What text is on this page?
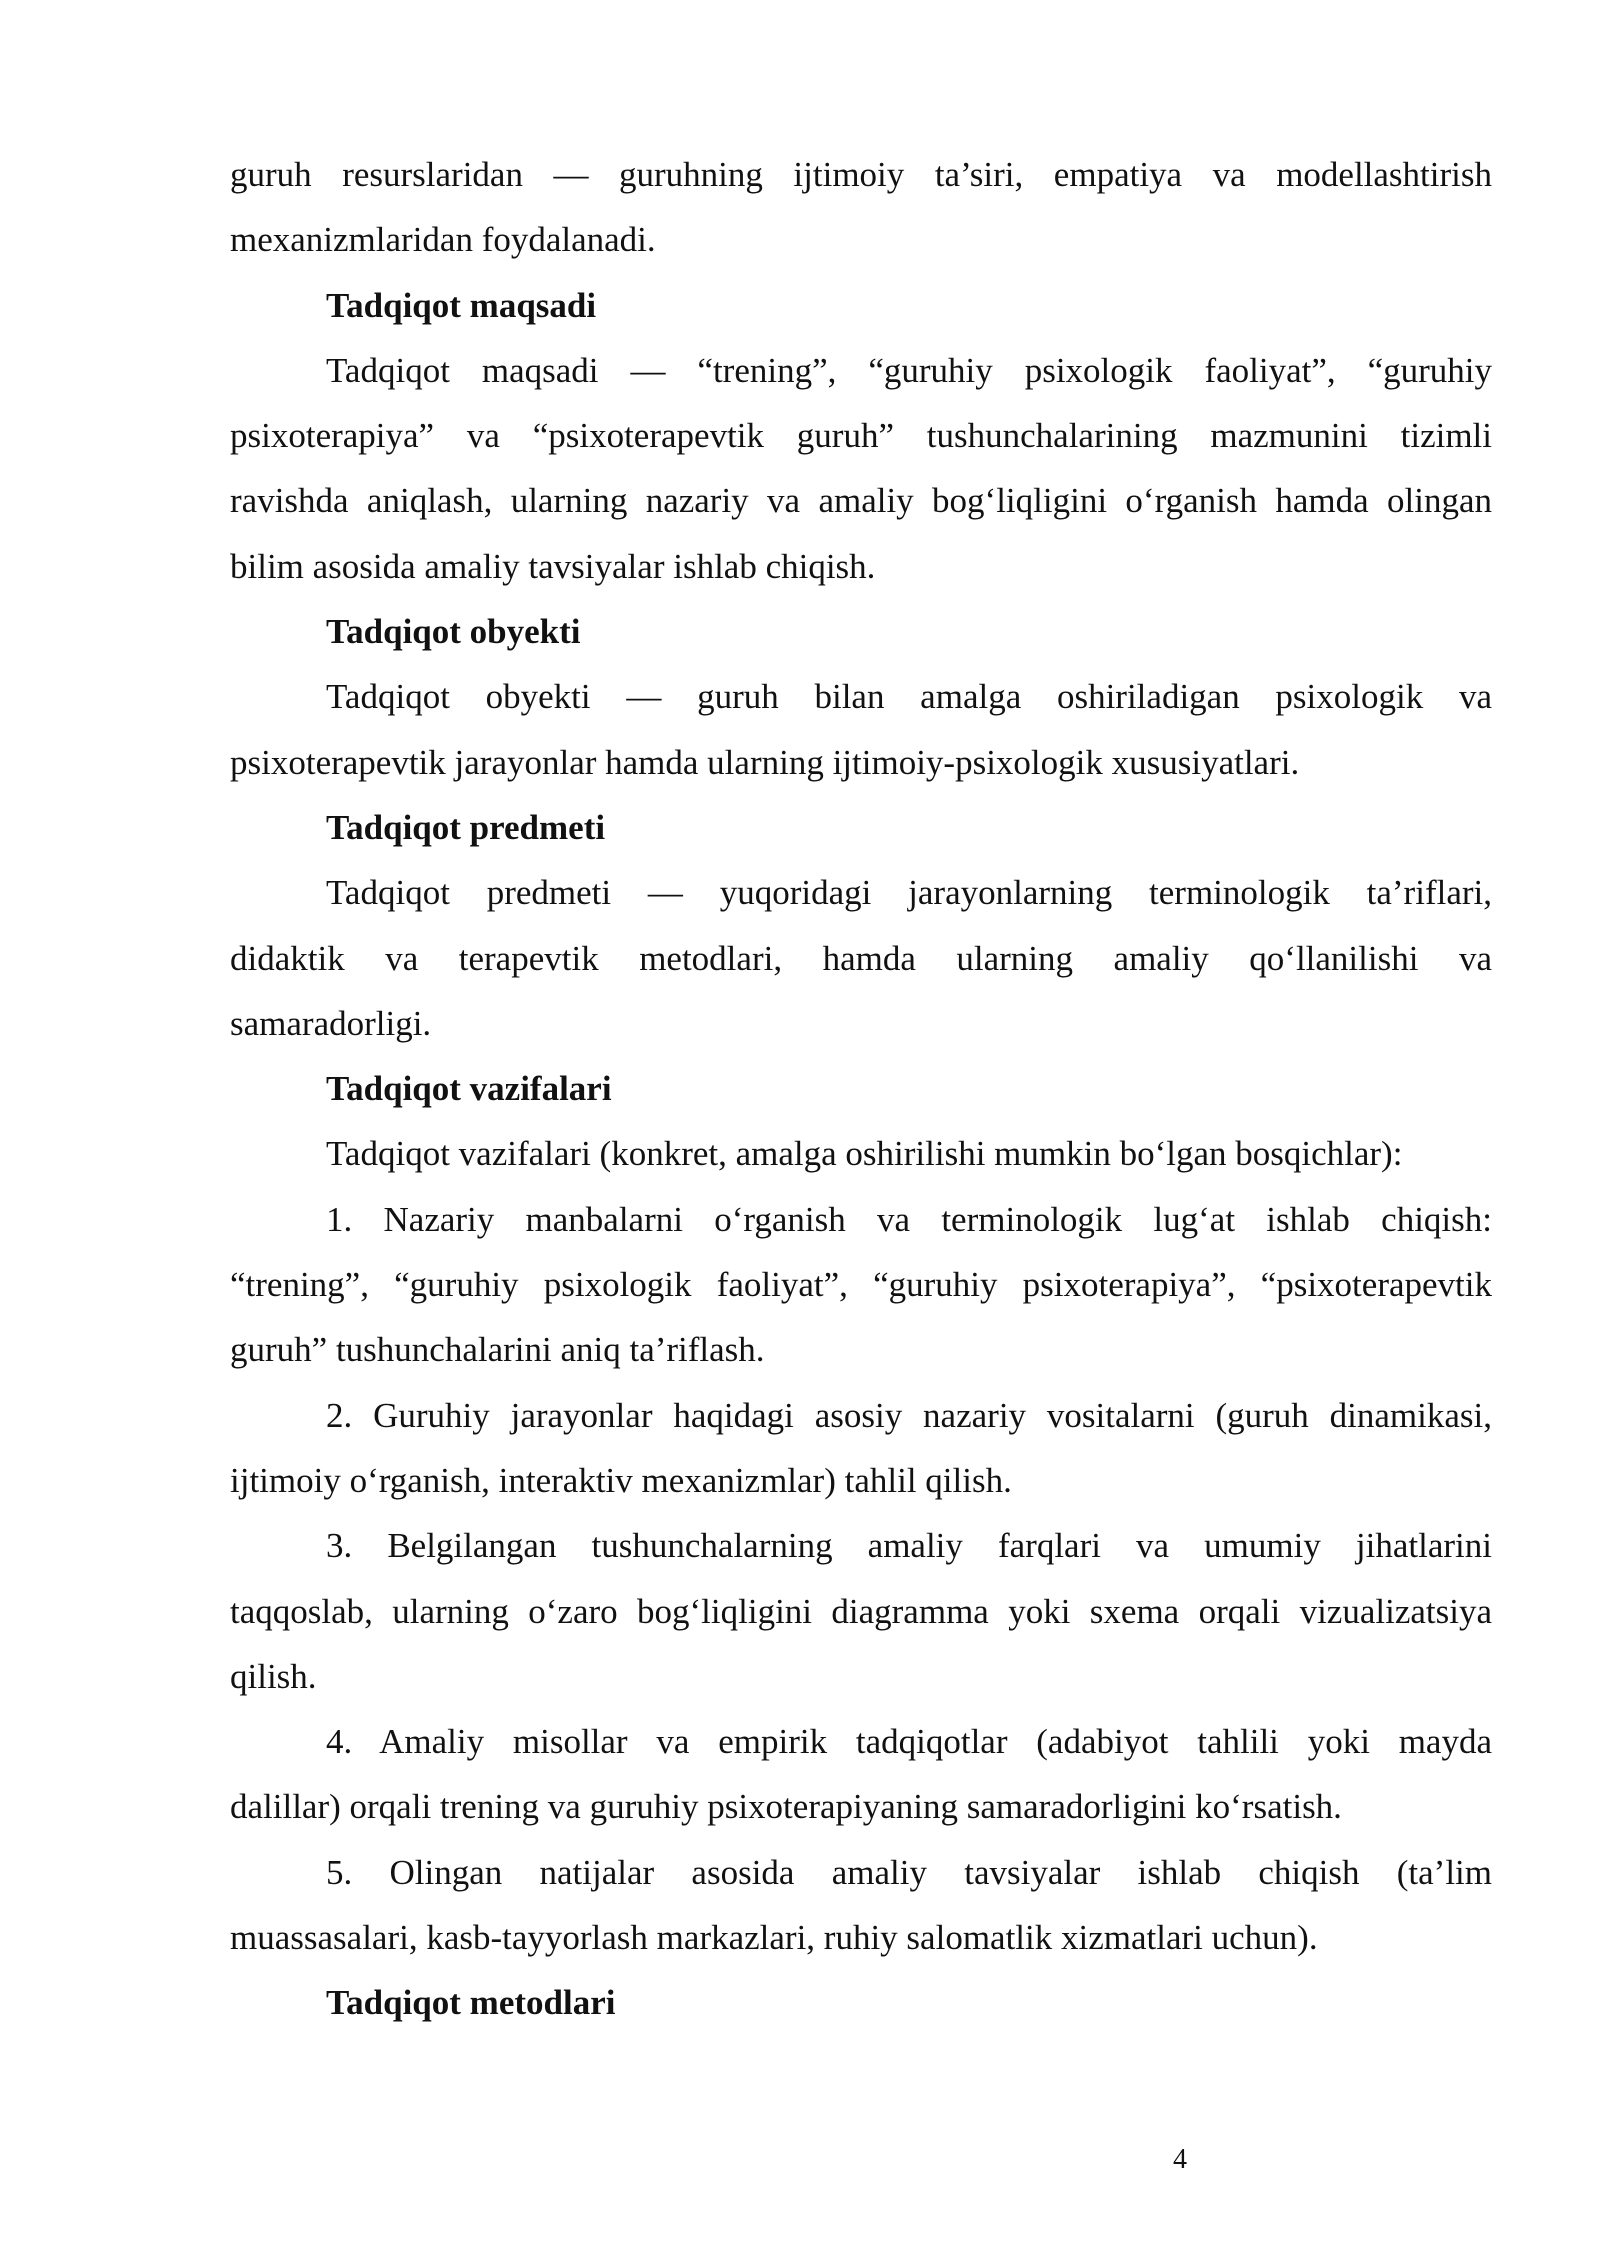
guruh resurslaridan — guruhning ijtimoiy ta’siri, empatiya va modellashtirish
mexanizmlaridan foydalanadi.
Tadqiqot maqsadi
Tadqiqot maqsadi — “trening”, “guruhiy psixologik faoliyat”, “guruhiy
psixoterapiya” va “psixoterapevtik guruh” tushunchalarining mazmunini tizimli
ravishda aniqlash, ularning nazariy va amaliy bog‘liqligini o‘rganish hamda olingan
bilim asosida amaliy tavsiyalar ishlab chiqish.
Tadqiqot obyekti
Tadqiqot obyekti — guruh bilan amalga oshiriladigan psixologik va
psixoterapevtik jarayonlar hamda ularning ijtimoiy-psixologik xususiyatlari.
Tadqiqot predmeti
Tadqiqot predmeti — yuqoridagi jarayonlarning terminologik ta’riflari,
didaktik va terapevtik metodlari, hamda ularning amaliy qo‘llanilishi va
samaradorligi.
Tadqiqot vazifalari
Tadqiqot vazifalari (konkret, amalga oshirilishi mumkin bo‘lgan bosqichlar):
1. Nazariy manbalarni o‘rganish va terminologik lug‘at ishlab chiqish:
“trening”, “guruhiy psixologik faoliyat”, “guruhiy psixoterapiya”, “psixoterapevtik
guruh” tushunchalarini aniq ta’riflash.
2. Guruhiy jarayonlar haqidagi asosiy nazariy vositalarni (guruh dinamikasi,
ijtimoiy o‘rganish, interaktiv mexanizmlar) tahlil qilish.
3. Belgilangan tushunchalarning amaliy farqlari va umumiy jihatlarini
taqqoslab, ularning o‘zaro bog‘liqligini diagramma yoki sxema orqali vizualizatsiya
qilish.
4. Amaliy misollar va empirik tadqiqotlar (adabiyot tahlili yoki mayda
dalillar) orqali trening va guruhiy psixoterapiyaning samaradorligini ko‘rsatish.
5. Olingan natijalar asosida amaliy tavsiyalar ishlab chiqish (ta’lim
muassasalari, kasb-tayyorlash markazlari, ruhiy salomatlik xizmatlari uchun).
Tadqiqot metodlari
4
